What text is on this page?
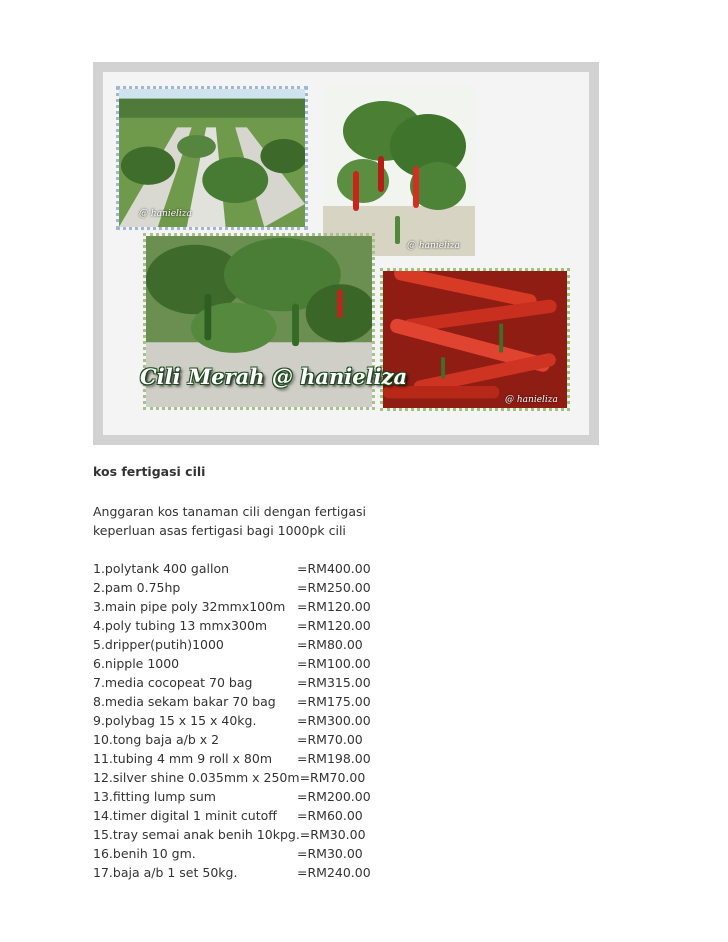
@ hanieliza
@ hanieliza
@ hanieliza
Cili Merah @ hanieliza
kos fertigasi cili
Anggaran kos tanaman cili dengan fertigasi
keperluan asas fertigasi bagi 1000pk cili
1.polytank 400 gallon	=RM400.00
2.pam 0.75hp	=RM250.00
3.main pipe poly 32mmx100m =RM120.00
4.poly tubing 13 mmx300m =RM120.00
5.dripper(putih)1000	=RM80.00
6.nipple 1000	=RM100.00
7.media cocopeat 70 bag	=RM315.00
8.media sekam bakar 70 bag =RM175.00
9.polybag 15 x 15 x 40kg.	=RM300.00
10.tong baja a/b x 2	=RM70.00
11.tubing 4 mm 9 roll x 80m =RM198.00
12.silver shine 0.035mm x 250m=RM70.00
13.fitting lump sum	=RM200.00
14.timer digital 1 minit cutoff =RM60.00
15.tray semai anak benih 10kpg.=RM30.00
16.benih 10 gm.	=RM30.00
17.baja a/b 1 set 50kg.	=RM240.00
